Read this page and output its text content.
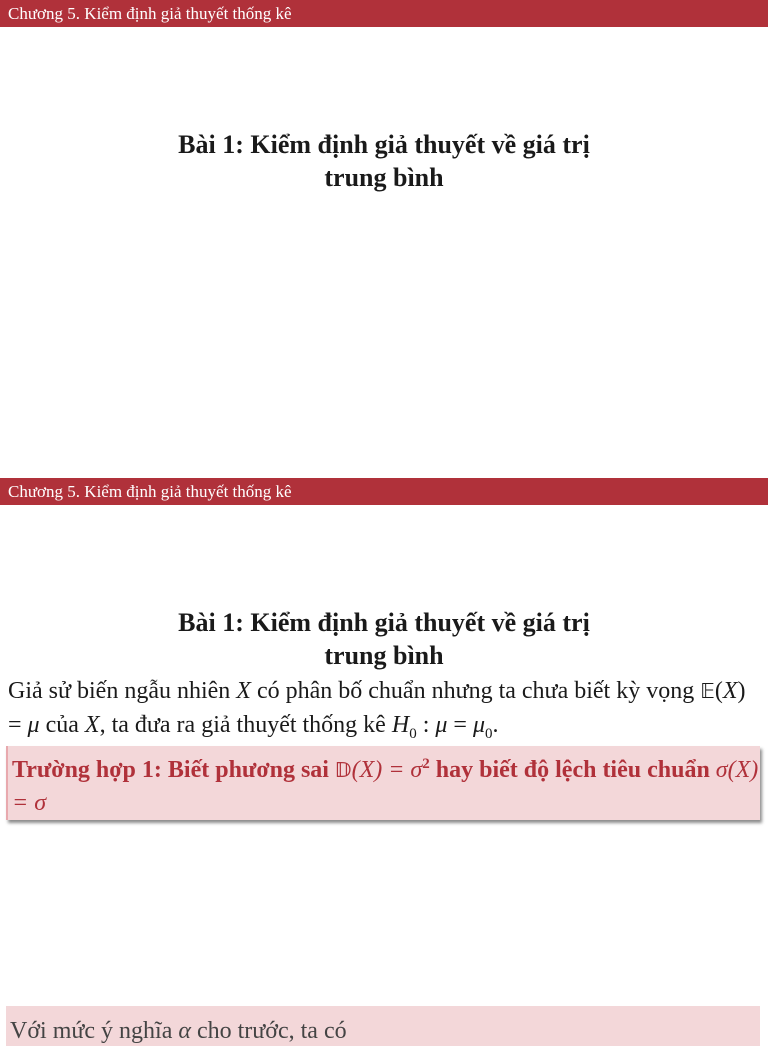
Chương 5. Kiểm định giả thuyết thống kê
Bài 1: Kiểm định giả thuyết về giá trị
trung bình
Chương 5. Kiểm định giả thuyết thống kê
Bài 1: Kiểm định giả thuyết về giá trị
trung bình
Giả sử biến ngẫu nhiên X có phân bố chuẩn nhưng ta chưa biết kỳ vọng 𝔼(X) = μ của X, ta đưa ra giả thuyết thống kê $H_0$ : $\mu = \mu_0$.
Trường hợp 1: Biết phương sai 𝔻(X) = $\sigma^2$ hay biết độ lệch tiêu chuẩn σ(X) = σ
Với mức ý nghĩa α cho trước, ta có
